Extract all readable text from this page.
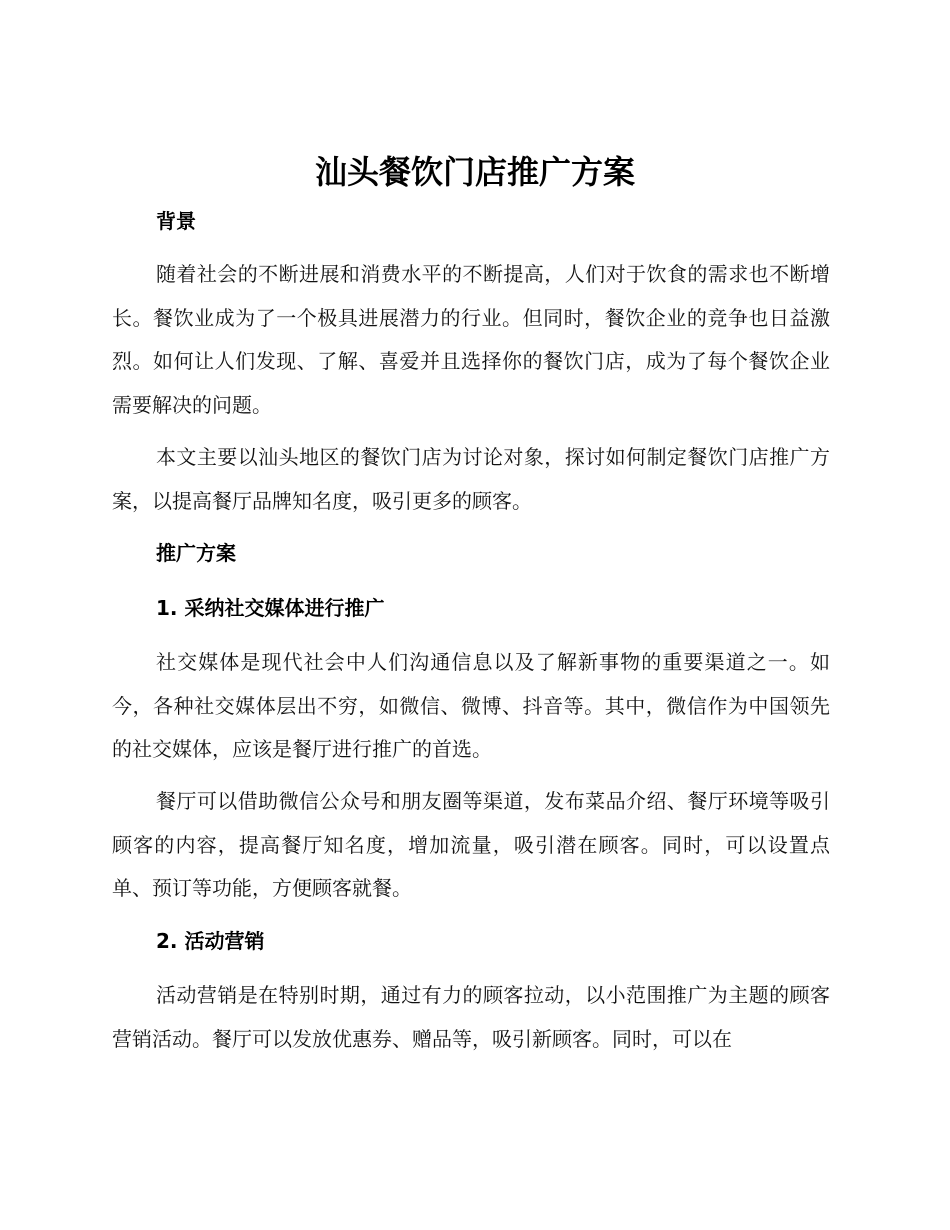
汕头餐饮门店推广方案
背景

随着社会的不断进展和消费水平的不断提高，人们对于饮食的需求也不断增长。餐饮业成为了一个极具进展潜力的行业。但同时，餐饮企业的竞争也日益激烈。如何让人们发现、了解、喜爱并且选择你的餐饮门店，成为了每个餐饮企业需要解决的问题。

本文主要以汕头地区的餐饮门店为讨论对象，探讨如何制定餐饮门店推广方案，以提高餐厅品牌知名度，吸引更多的顾客。

推广方案
1. 采纳社交媒体进行推广

社交媒体是现代社会中人们沟通信息以及了解新事物的重要渠道之一。如今，各种社交媒体层出不穷，如微信、微博、抖音等。其中，微信作为中国领先的社交媒体，应该是餐厅进行推广的首选。

餐厅可以借助微信公众号和朋友圈等渠道，发布菜品介绍、餐厅环境等吸引顾客的内容，提高餐厅知名度，增加流量，吸引潜在顾客。同时，可以设置点单、预订等功能，方便顾客就餐。

2. 活动营销

活动营销是在特别时期，通过有力的顾客拉动，以小范围推广为主题的顾客营销活动。餐厅可以发放优惠券、赠品等，吸引新顾客。同时，可以在
